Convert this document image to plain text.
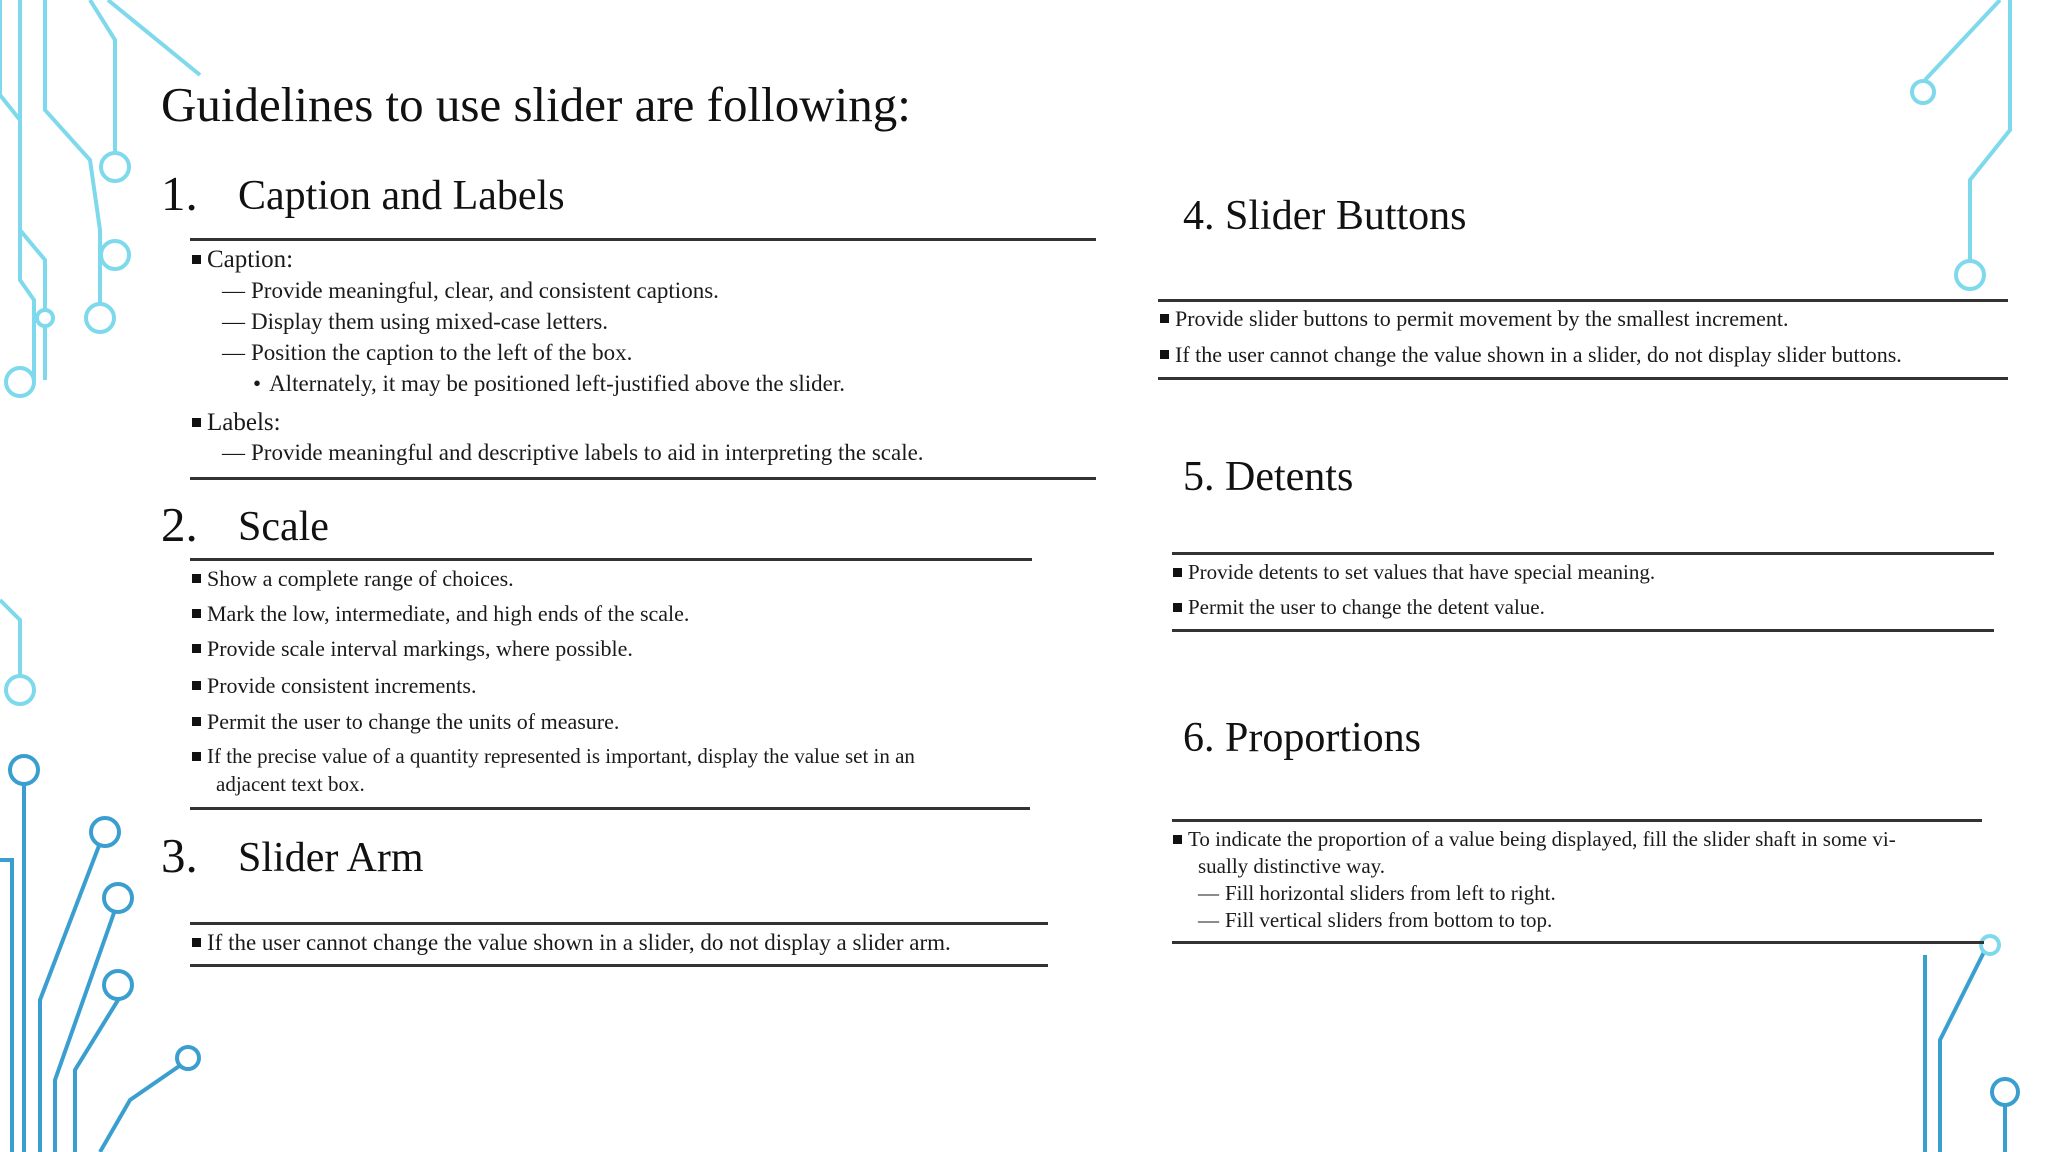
Guidelines to use slider are following:
1. Caption and Labels
Caption:
— Provide meaningful, clear, and consistent captions.
— Display them using mixed-case letters.
— Position the caption to the left of the box.
• Alternately, it may be positioned left-justified above the slider.
Labels:
— Provide meaningful and descriptive labels to aid in interpreting the scale.
2. Scale
Show a complete range of choices.
Mark the low, intermediate, and high ends of the scale.
Provide scale interval markings, where possible.
Provide consistent increments.
Permit the user to change the units of measure.
If the precise value of a quantity represented is important, display the value set in an
adjacent text box.
3. Slider Arm
If the user cannot change the value shown in a slider, do not display a slider arm.
4. Slider Buttons
Provide slider buttons to permit movement by the smallest increment.
If the user cannot change the value shown in a slider, do not display slider buttons.
5. Detents
Provide detents to set values that have special meaning.
Permit the user to change the detent value.
6. Proportions
To indicate the proportion of a value being displayed, fill the slider shaft in some vi-
sually distinctive way.
— Fill horizontal sliders from left to right.
— Fill vertical sliders from bottom to top.
